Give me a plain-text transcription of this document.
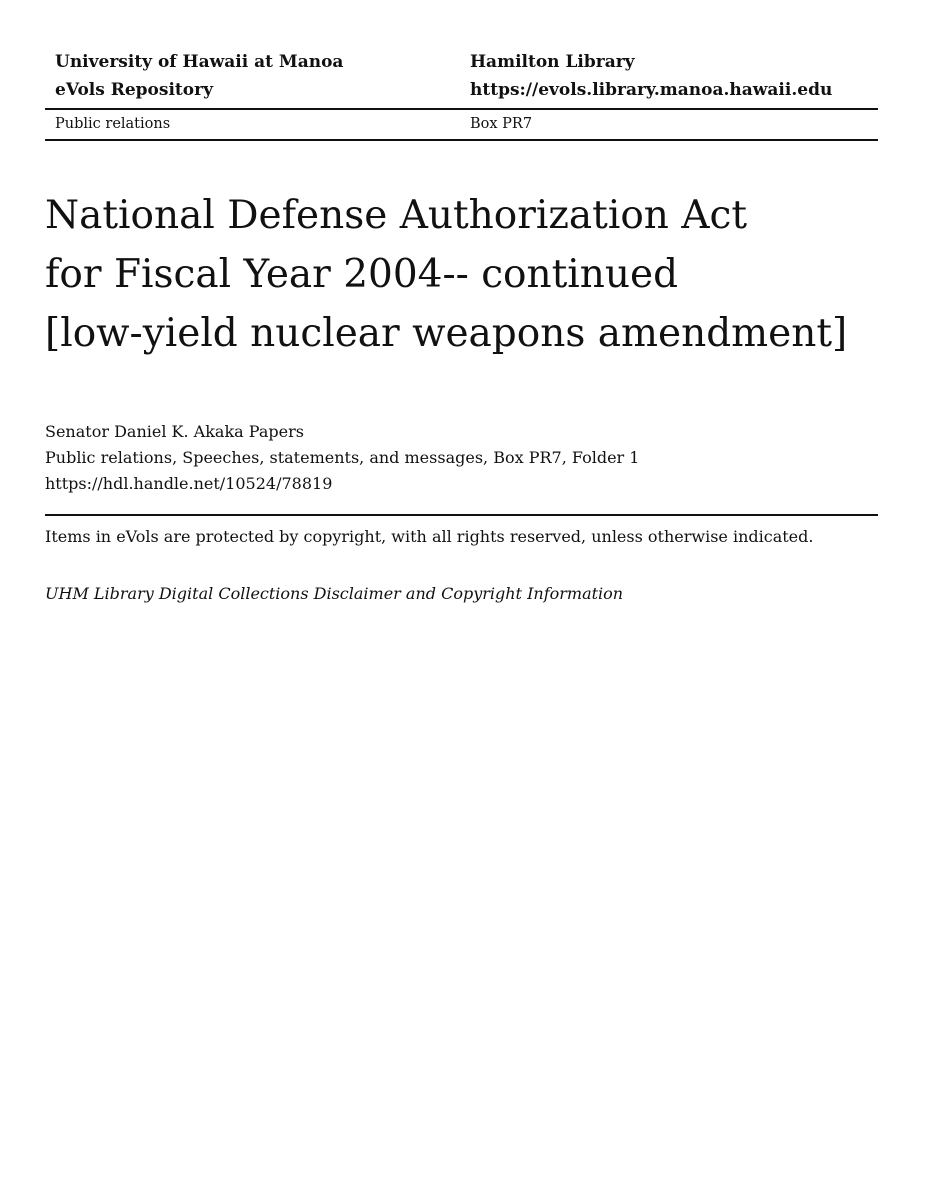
University of Hawaii at Manoa	Hamilton Library
eVols Repository	https://evols.library.manoa.hawaii.edu
Public relations	Box PR7
National Defense Authorization Act
for Fiscal Year 2004-- continued
[low-yield nuclear weapons amendment]
Senator Daniel K. Akaka Papers
Public relations, Speeches, statements, and messages, Box PR7, Folder 1
https://hdl.handle.net/10524/78819
Items in eVols are protected by copyright, with all rights reserved, unless otherwise indicated.
UHM Library Digital Collections Disclaimer and Copyright Information
